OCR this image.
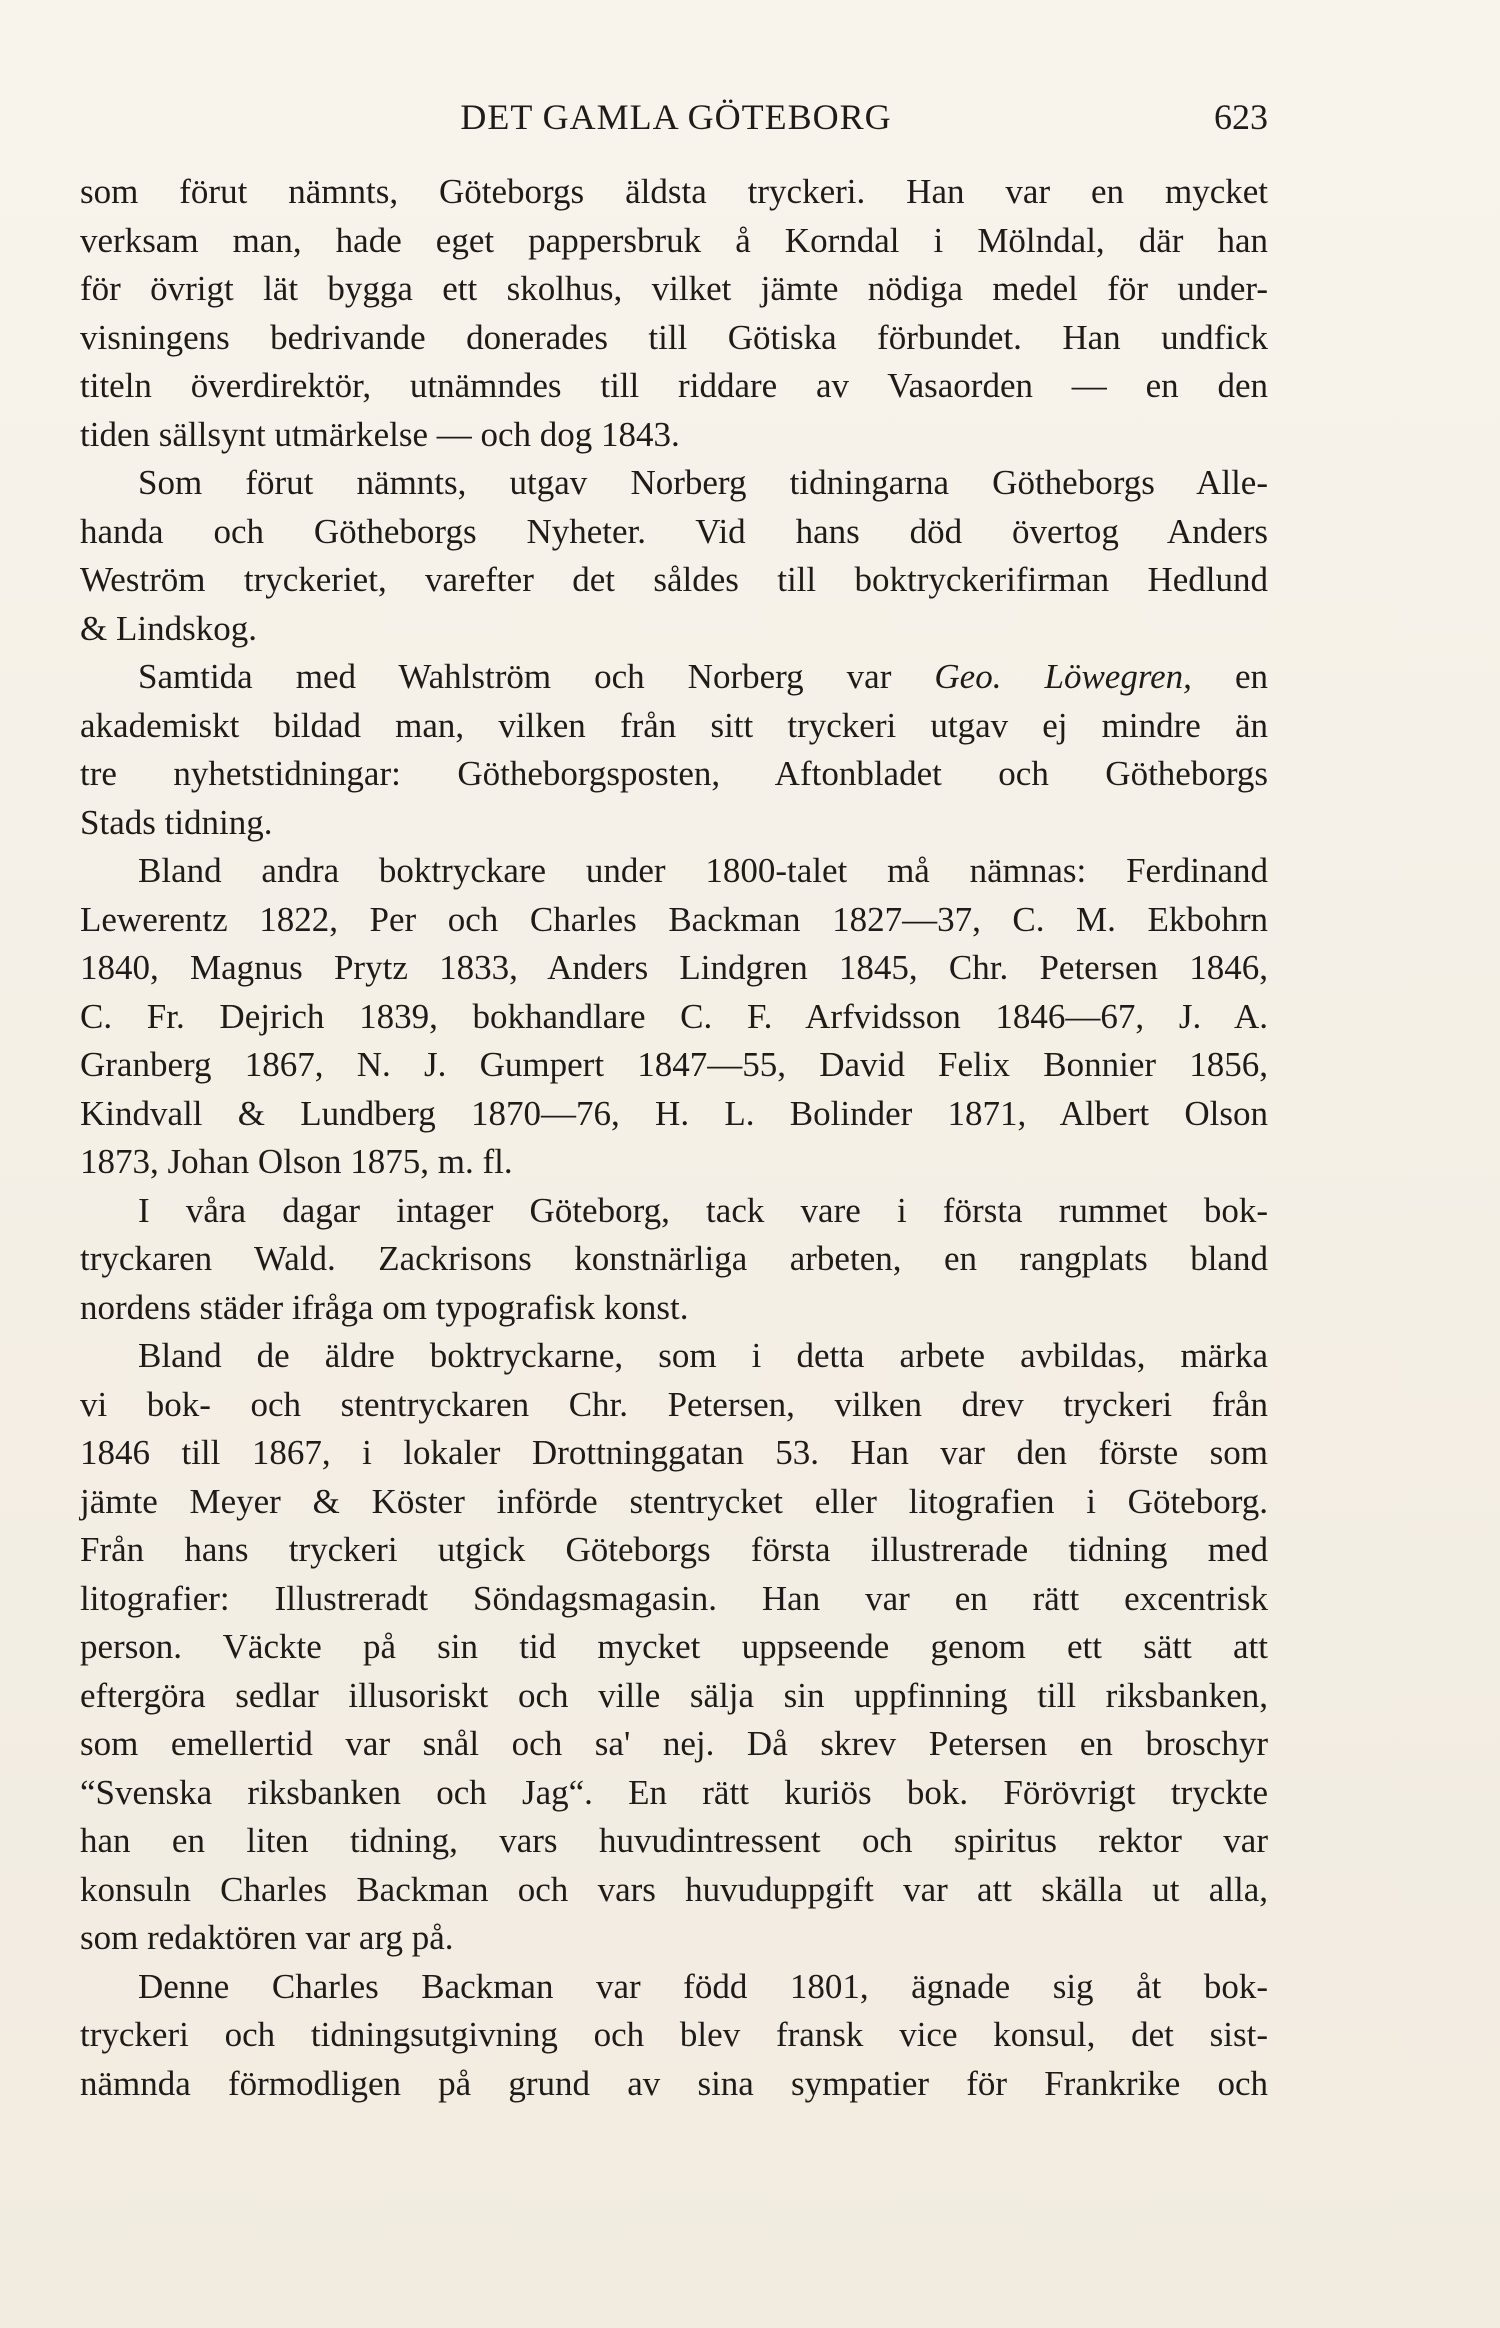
DET GAMLA GÖTEBORG	623
som förut nämnts, Göteborgs äldsta tryckeri. Han var en mycket
verksam man, hade eget pappersbruk å Korndal i Mölndal, där han
för övrigt lät bygga ett skolhus, vilket jämte nödiga medel för under-
visningens bedrivande donerades till Götiska förbundet. Han undfick
titeln överdirektör, utnämndes till riddare av Vasaorden — en den
tiden sällsynt utmärkelse — och dog 1843.
Som förut nämnts, utgav Norberg tidningarna Götheborgs Alle-
handa och Götheborgs Nyheter. Vid hans död övertog Anders
Weström tryckeriet, varefter det såldes till boktryckerifirman Hedlund
& Lindskog.
Samtida med Wahlström och Norberg var Geo. Löwegren, en
akademiskt bildad man, vilken från sitt tryckeri utgav ej mindre än
tre nyhetstidningar: Götheborgsposten, Aftonbladet och Götheborgs
Stads tidning.
Bland andra boktryckare under 1800-talet må nämnas: Ferdinand
Lewerentz 1822, Per och Charles Backman 1827—37, C. M. Ekbohrn
1840, Magnus Prytz 1833, Anders Lindgren 1845, Chr. Petersen 1846,
C. Fr. Dejrich 1839, bokhandlare C. F. Arfvidsson 1846—67, J. A.
Granberg 1867, N. J. Gumpert 1847—55, David Felix Bonnier 1856,
Kindvall & Lundberg 1870—76, H. L. Bolinder 1871, Albert Olson
1873, Johan Olson 1875, m. fl.
I våra dagar intager Göteborg, tack vare i första rummet bok-
tryckaren Wald. Zackrisons konstnärliga arbeten, en rangplats bland
nordens städer ifråga om typografisk konst.
Bland de äldre boktryckarne, som i detta arbete avbildas, märka
vi bok- och stentryckaren Chr. Petersen, vilken drev tryckeri från
1846 till 1867, i lokaler Drottninggatan 53. Han var den förste som
jämte Meyer & Köster införde stentrycket eller litografien i Göteborg.
Från hans tryckeri utgick Göteborgs första illustrerade tidning med
litografier: Illustreradt Söndagsmagasin. Han var en rätt excentrisk
person. Väckte på sin tid mycket uppseende genom ett sätt att
eftergöra sedlar illusoriskt och ville sälja sin uppfinning till riksbanken,
som emellertid var snål och sa' nej. Då skrev Petersen en broschyr
“Svenska riksbanken och Jag“. En rätt kuriös bok. Förövrigt tryckte
han en liten tidning, vars huvudintressent och spiritus rektor var
konsuln Charles Backman och vars huvuduppgift var att skälla ut alla,
som redaktören var arg på.
Denne Charles Backman var född 1801, ägnade sig åt bok-
tryckeri och tidningsutgivning och blev fransk vice konsul, det sist-
nämnda förmodligen på grund av sina sympatier för Frankrike och
